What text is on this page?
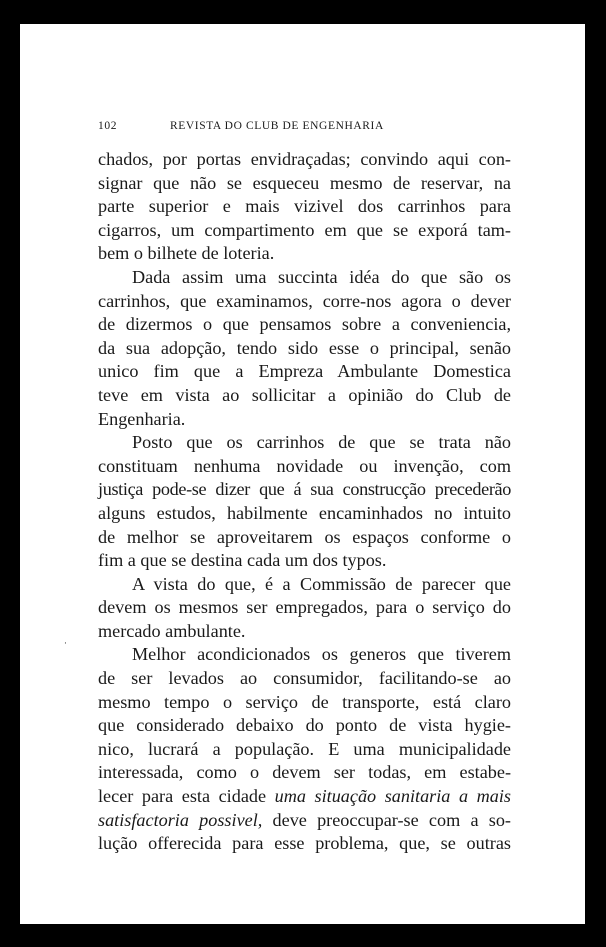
102	REVISTA DO CLUB DE ENGENHARIA
chados, por portas envidraçadas; convindo aqui con-
signar que não se esqueceu mesmo de reservar, na
parte superior e mais vizivel dos carrinhos para
cigarros, um compartimento em que se exporá tam-
bem o bilhete de loteria.
Dada assim uma succinta idéa do que são os
carrinhos, que examinamos, corre-nos agora o dever
de dizermos o que pensamos sobre a conveniencia,
da sua adopção, tendo sido esse o principal, senão
unico fim que a Empreza Ambulante Domestica
teve em vista ao sollicitar a opinião do Club de
Engenharia.
Posto que os carrinhos de que se trata não
constituam nenhuma novidade ou invenção, com
justiça pode-se dizer que á sua construcção precederão
alguns estudos, habilmente encaminhados no intuito
de melhor se aproveitarem os espaços conforme o
fim a que se destina cada um dos typos.
A vista do que, é a Commissão de parecer que
devem os mesmos ser empregados, para o serviço do
mercado ambulante.
Melhor acondicionados os generos que tiverem
de ser levados ao consumidor, facilitando-se ao
mesmo tempo o serviço de transporte, está claro
que considerado debaixo do ponto de vista hygie-
nico, lucrará a população. E uma municipalidade
interessada, como o devem ser todas, em estabe-
lecer para esta cidade uma situação sanitaria a mais
satisfactoria possivel, deve preoccupar-se com a so-
lução offerecida para esse problema, que, se outras
·
